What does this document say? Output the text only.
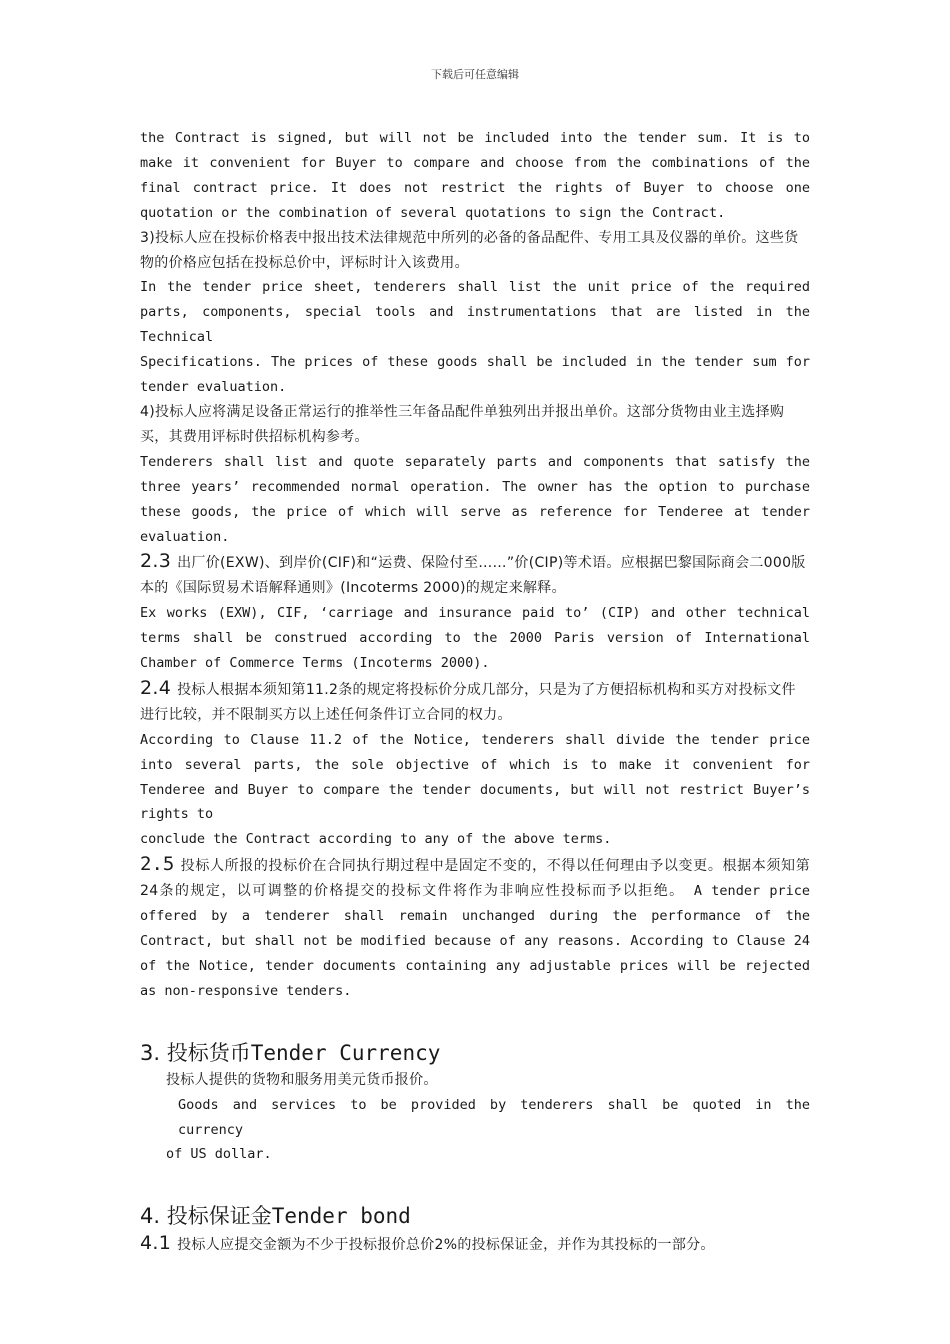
下载后可任意编辑

the Contract is signed, but will not be included into the tender sum. It is to make it convenient for Buyer to compare and choose from the combinations of the final contract price. It does not restrict the rights of Buyer to choose one quotation or the combination of several quotations to sign the Contract.

3)投标人应在投标价格表中报出技术法律规范中所列的必备的备品配件、专用工具及仪器的单价。这些货物的价格应包括在投标总价中，评标时计入该费用。

In the tender price sheet, tenderers shall list the unit price of the required parts, components, special tools and instrumentations that are listed in the Technical

Specifications. The prices of these goods shall be included in the tender sum for tender evaluation.

4)投标人应将满足设备正常运行的推举性三年备品配件单独列出并报出单价。这部分货物由业主选择购买，其费用评标时供招标机构参考。

Tenderers shall list and quote separately parts and components that satisfy the three years’ recommended normal operation. The owner has the option to purchase these goods, the price of which will serve as reference for Tenderee at tender evaluation.

2.3 出厂价(EXW)、到岸价(CIF)和“运费、保险付至……”价(CIP)等术语。应根据巴黎国际商会二000版本的《国际贸易术语解释通则》(Incoterms 2000)的规定来解释。

Ex works (EXW), CIF, ‘carriage and insurance paid to’ (CIP) and other technical terms shall be construed according to the 2000 Paris version of International Chamber of Commerce Terms (Incoterms 2000).

2.4 投标人根据本须知第11.2条的规定将投标价分成几部分，只是为了方便招标机构和买方对投标文件进行比较，并不限制买方以上述任何条件订立合同的权力。

According to Clause 11.2 of the Notice, tenderers shall divide the tender price into several parts, the sole objective of which is to make it convenient for Tenderee and Buyer to compare the tender documents, but will not restrict Buyer’s rights to

conclude the Contract according to any of the above terms.

2.5 投标人所报的投标价在合同执行期过程中是固定不变的，不得以任何理由予以变更。根据本须知第24条的规定，以可调整的价格提交的投标文件将作为非响应性投标而予以拒绝。 A tender price offered by a tenderer shall remain unchanged during the performance of the Contract, but shall not be modified because of any reasons. According to Clause 24 of the Notice, tender documents containing any adjustable prices will be rejected as non-responsive tenders.

3. 投标货币Tender Currency

投标人提供的货物和服务用美元货币报价。

Goods and services to be provided by tenderers shall be quoted in the currency

of US dollar.

4. 投标保证金Tender bond

4.1 投标人应提交金额为不少于投标报价总价2%的投标保证金，并作为其投标的一部分。
